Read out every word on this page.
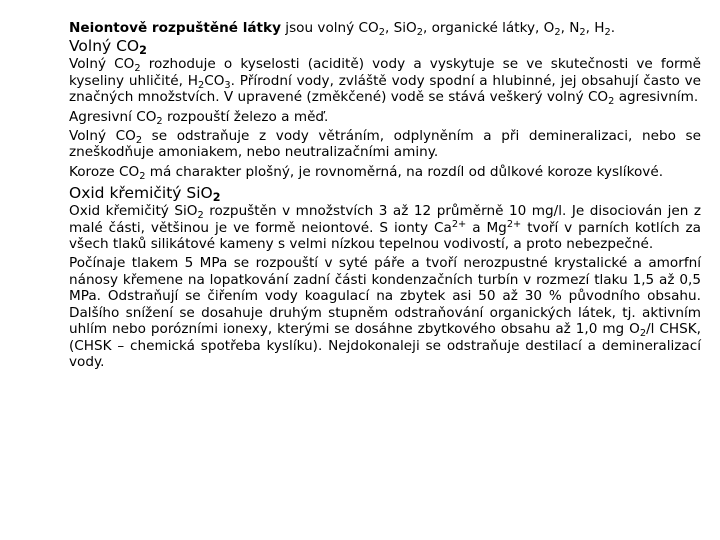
Neiontově rozpuštěné látky jsou volný $CO_2$, SiO$_2$, organické látky, $O_2$, $N_2$, $H_2$.

Volný $CO_2$

Volný $CO_2$ rozhoduje o kyselosti (aciditě) vody a vyskytuje se ve skutečnosti ve formě kyseliny uhličité, $H_2CO_3$. Přírodní vody, zvláště vody spodní a hlubinné, jej obsahují často ve značných množstvích. V upravené (změkčené) vodě se stává veškerý volný $CO_2$ agresivním.

Agresivní $CO_2$ rozpouští železo a měď.

Volný $CO_2$ se odstraňuje z vody větráním, odplyněním a při demineralizaci, nebo se zneškodňuje amoniakem, nebo neutralizačními aminy.

Koroze $CO_2$ má charakter plošný, je rovnoměrná, na rozdíl od důlkové koroze kyslíkové.

Oxid křemičitý SiO$_2$

Oxid křemičitý SiO$_2$ rozpuštěn v množstvích 3 až 12 průměrně 10 mg/l. Je disociován jen z malé části, většinou je ve formě neiontové. S ionty $Ca^{2+}$ a $Mg^{2+}$ tvoří v parních kotlích za všech tlaků silikátové kameny s velmi nízkou tepelnou vodivostí, a proto nebezpečné.

Počínaje tlakem 5 MPa se rozpouští v syté páře a tvoří nerozpustné krystalické a amorfní nánosy křemene na lopatkování zadní části kondenzačních turbín v rozmezí tlaku 1,5 až 0,5 MPa. Odstraňují se čiřením vody koagulací na zbytek asi 50 až 30 % původního obsahu. Dalšího snížení se dosahuje druhým stupněm odstraňování organických látek, tj. aktivním uhlím nebo porózními ionexy, kterými se dosáhne zbytkového obsahu až 1,0 mg $O_2/l$ CHSK, (CHSK – chemická spotřeba kyslíku). Nejdokonaleji se odstraňuje destilací a demineralizací vody.
